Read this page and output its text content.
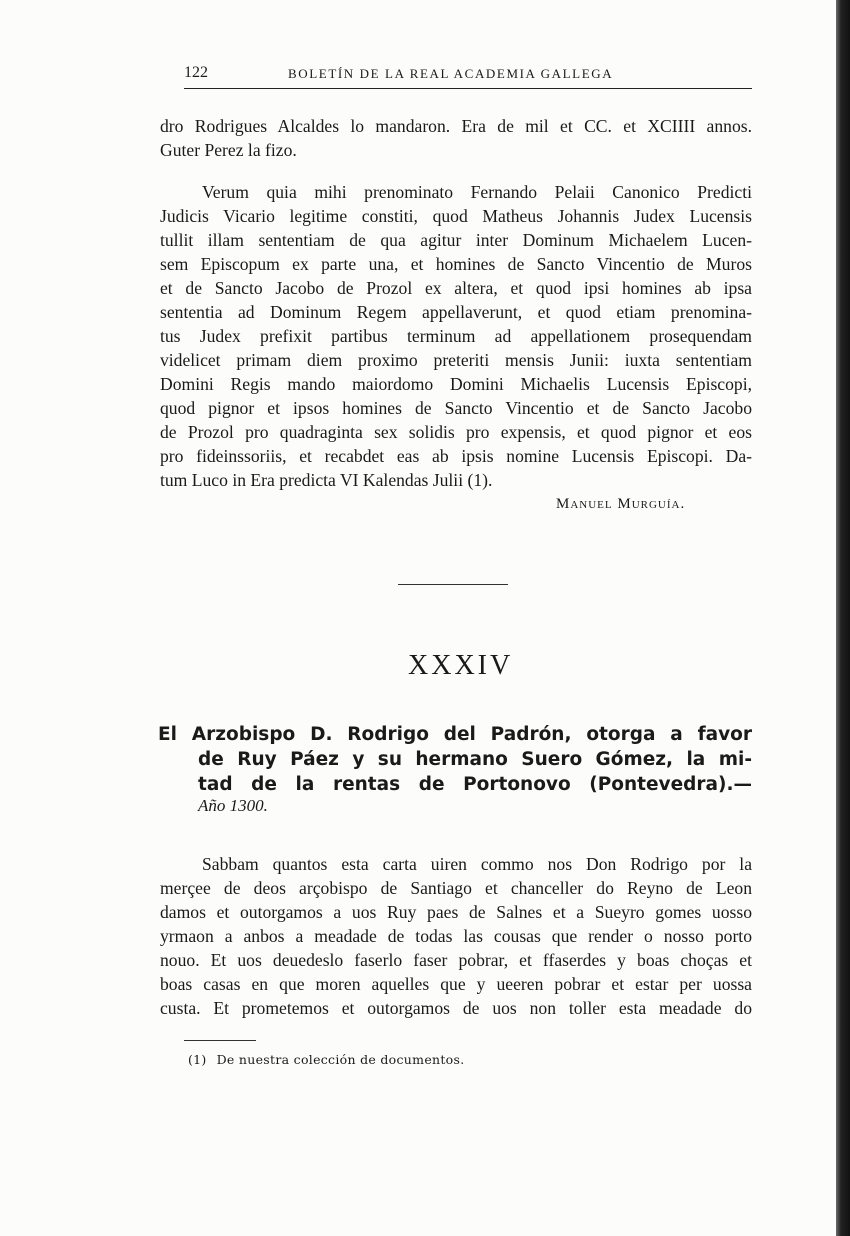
122	BOLETÍN DE LA REAL ACADEMIA GALLEGA
dro Rodrigues Alcaldes lo mandaron. Era de mil et CC. et XCIIII annos.
Guter Perez la fizo.
Verum quia mihi prenominato Fernando Pelaii Canonico Predicti
Judicis Vicario legitime constiti, quod Matheus Johannis Judex Lucensis
tullit illam sententiam de qua agitur inter Dominum Michaelem Lucen-
sem Episcopum ex parte una, et homines de Sancto Vincentio de Muros
et de Sancto Jacobo de Prozol ex altera, et quod ipsi homines ab ipsa
sententia ad Dominum Regem appellaverunt, et quod etiam prenomina-
tus Judex prefixit partibus terminum ad appellationem prosequendam
videlicet primam diem proximo preteriti mensis Junii: iuxta sententiam
Domini Regis mando maiordomo Domini Michaelis Lucensis Episcopi,
quod pignor et ipsos homines de Sancto Vincentio et de Sancto Jacobo
de Prozol pro quadraginta sex solidis pro expensis, et quod pignor et eos
pro fideinssoriis, et recabdet eas ab ipsis nomine Lucensis Episcopi. Da-
tum Luco in Era predicta VI Kalendas Julii (1).
Manuel Murguía.
XXXIV
El Arzobispo D. Rodrigo del Padrón, otorga a favor
de Ruy Páez y su hermano Suero Gómez, la mi-
tad de la rentas de Portonovo (Pontevedra).—
Año 1300.
Sabbam quantos esta carta uiren commo nos Don Rodrigo por la
merçee de deos arçobispo de Santiago et chanceller do Reyno de Leon
damos et outorgamos a uos Ruy paes de Salnes et a Sueyro gomes uosso
yrmaon a anbos a meadade de todas las cousas que render o nosso porto
nouo. Et uos deuedeslo faserlo faser pobrar, et ffaserdes y boas choças et
boas casas en que moren aquelles que y ueeren pobrar et estar per uossa
custa. Et prometemos et outorgamos de uos non toller esta meadade do
(1) De nuestra colección de documentos.
